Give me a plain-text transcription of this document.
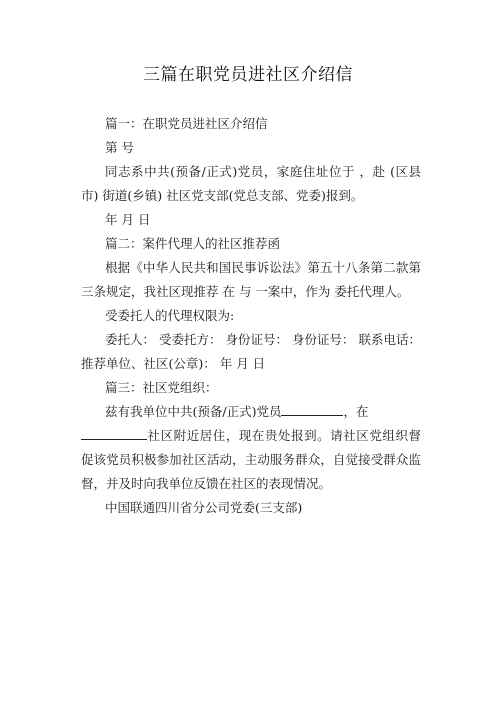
三篇在职党员进社区介绍信

篇一：在职党员进社区介绍信

第 号

同志系中共(预备/正式)党员，家庭住址位于 ，赴 (区县市) 街道(乡镇) 社区党支部(党总支部、党委)报到。

年 月 日

篇二：案件代理人的社区推荐函

根据《中华人民共和国民事诉讼法》第五十八条第二款第三条规定，我社区现推荐 在 与 一案中，作为 委托代理人。

受委托人的代理权限为:

委托人： 受委托方： 身份证号： 身份证号： 联系电话： 推荐单位、社区(公章)： 年 月 日

篇三：社区党组织：

兹有我单位中共(预备/正式)党员	，在
社区附近居住，现在贵处报到。请社区党组织督促该党员积极参加社区活动，主动服务群众，自觉接受群众监督，并及时向我单位反馈在社区的表现情况。

中国联通四川省分公司党委(三支部)
